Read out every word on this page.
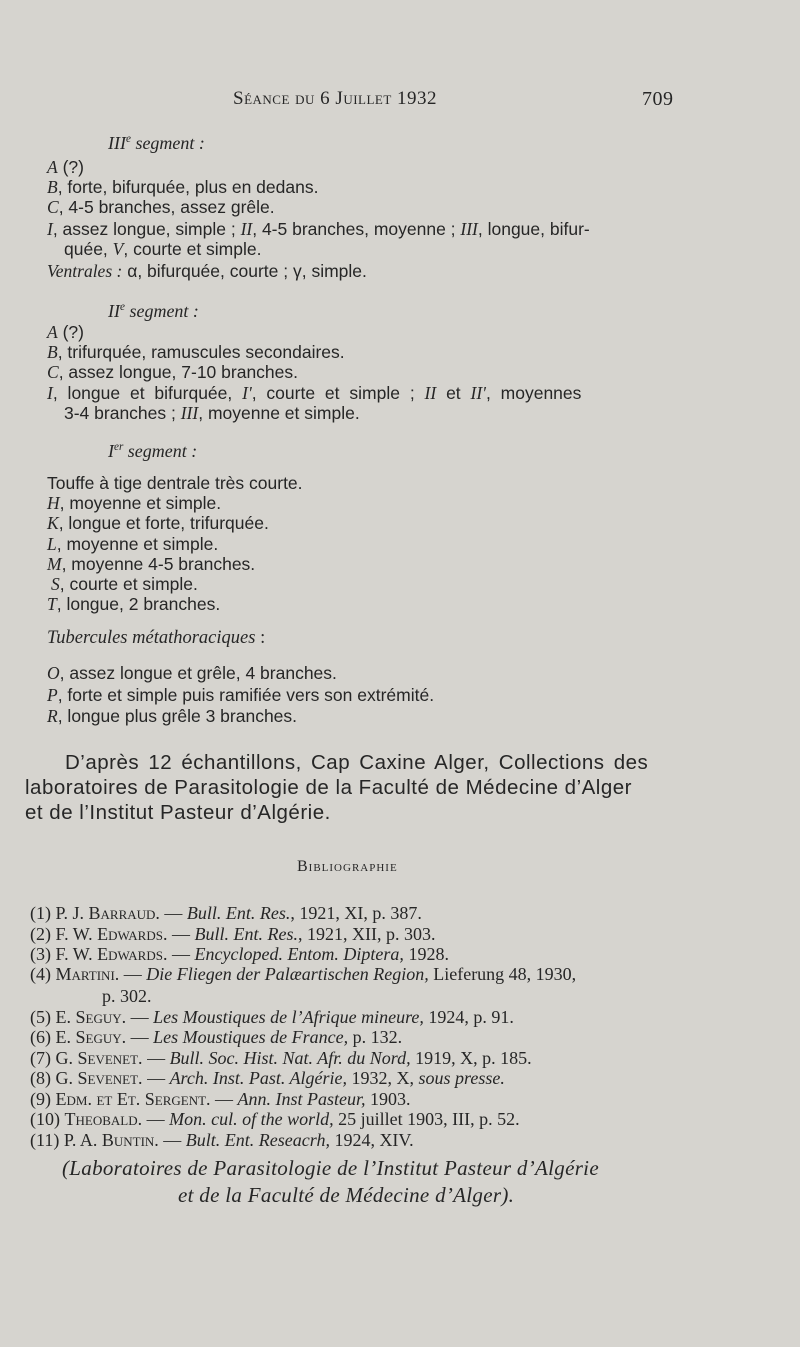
Séance du 6 Juillet 1932	709
IIIe segment :
A (?)
B, forte, bifurquée, plus en dedans.
C, 4-5 branches, assez grêle.
I, assez longue, simple ; II, 4-5 branches, moyenne ; III, longue, bifur-
quée, V, courte et simple.
Ventrales : α, bifurquée, courte ; γ, simple.
IIe segment :
A (?)
B, trifurquée, ramuscules secondaires.
C, assez longue, 7-10 branches.
I, longue et bifurquée, I', courte et simple ; II et II', moyennes
3-4 branches ; III, moyenne et simple.
Ier segment :
Touffe à tige dentrale très courte.
H, moyenne et simple.
K, longue et forte, trifurquée.
L, moyenne et simple.
M, moyenne 4-5 branches.
S, courte et simple.
T, longue, 2 branches.
Tubercules métathoraciques :
O, assez longue et grêle, 4 branches.
P, forte et simple puis ramifiée vers son extrémité.
R, longue plus grêle 3 branches.
D’après 12 échantillons, Cap Caxine Alger, Collections des
laboratoires de Parasitologie de la Faculté de Médecine d’Alger
et de l’Institut Pasteur d’Algérie.
Bibliographie
(1) P. J. Barraud. — Bull. Ent. Res., 1921, XI, p. 387.
(2) F. W. Edwards. — Bull. Ent. Res., 1921, XII, p. 303.
(3) F. W. Edwards. — Encycloped. Entom. Diptera, 1928.
(4) Martini. — Die Fliegen der Palæartischen Region, Lieferung 48, 1930,
p. 302.
(5) E. Seguy. — Les Moustiques de l’Afrique mineure, 1924, p. 91.
(6) E. Seguy. — Les Moustiques de France, p. 132.
(7) G. Sevenet. — Bull. Soc. Hist. Nat. Afr. du Nord, 1919, X, p. 185.
(8) G. Sevenet. — Arch. Inst. Past. Algérie, 1932, X, sous presse.
(9) Edm. et Et. Sergent. — Ann. Inst Pasteur, 1903.
(10) Theobald. — Mon. cul. of the world, 25 juillet 1903, III, p. 52.
(11) P. A. Buntin. — Bult. Ent. Reseacrh, 1924, XIV.
(Laboratoires de Parasitologie de l’Institut Pasteur d’Algérie
et de la Faculté de Médecine d’Alger).
